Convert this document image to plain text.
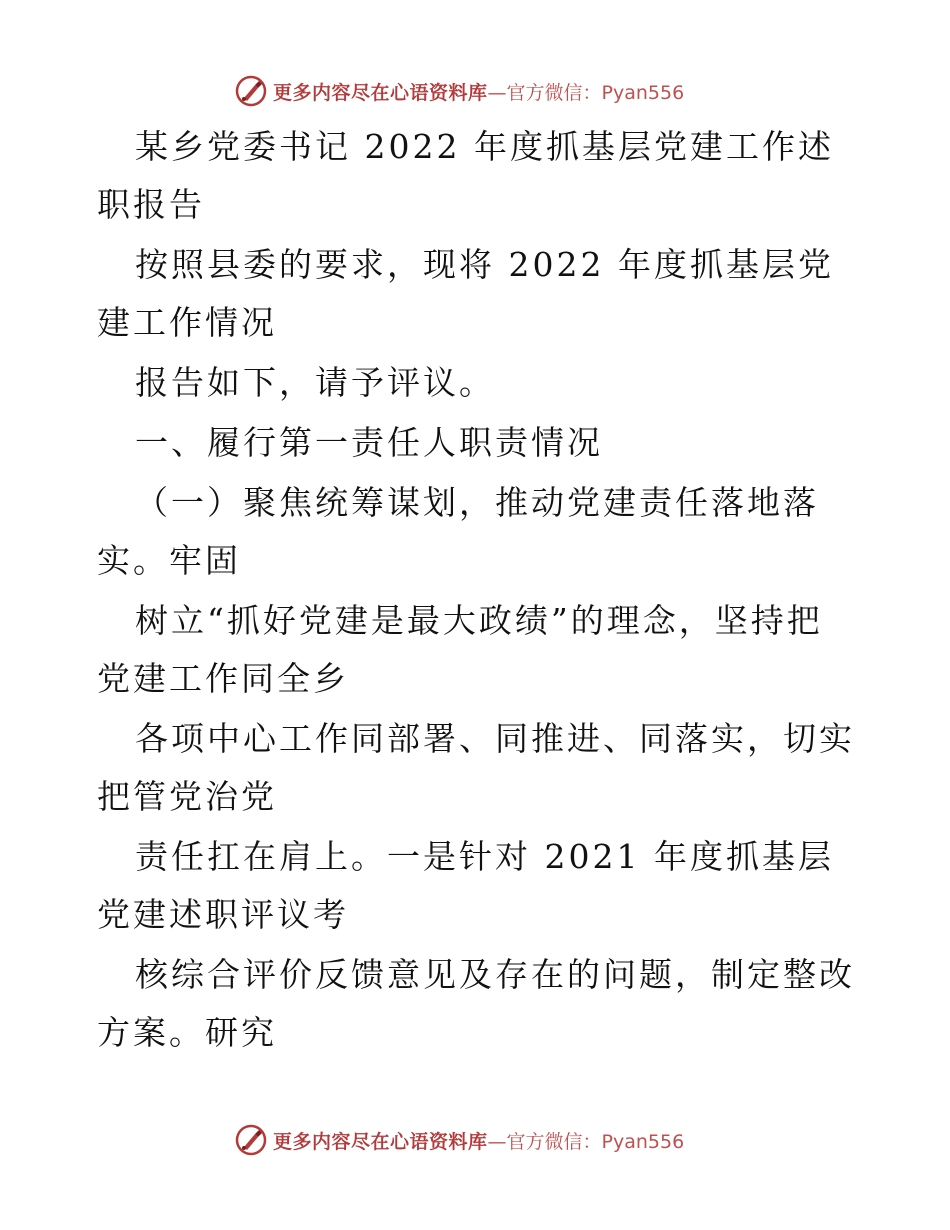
更多内容尽在心语资料库 —官方微信：Pyan556

某乡党委书记 2022 年度抓基层党建工作述职报告

按照县委的要求，现将 2022 年度抓基层党建工作情况

报告如下，请予评议。

一、履行第一责任人职责情况

（一）聚焦统筹谋划，推动党建责任落地落实。牢固

树立“抓好党建是最大政绩”的理念，坚持把党建工作同全乡

各项中心工作同部署、同推进、同落实，切实把管党治党

责任扛在肩上。一是针对 2021 年度抓基层党建述职评议考

核综合评价反馈意见及存在的问题，制定整改方案。研究

更多内容尽在心语资料库 —官方微信：Pyan556
